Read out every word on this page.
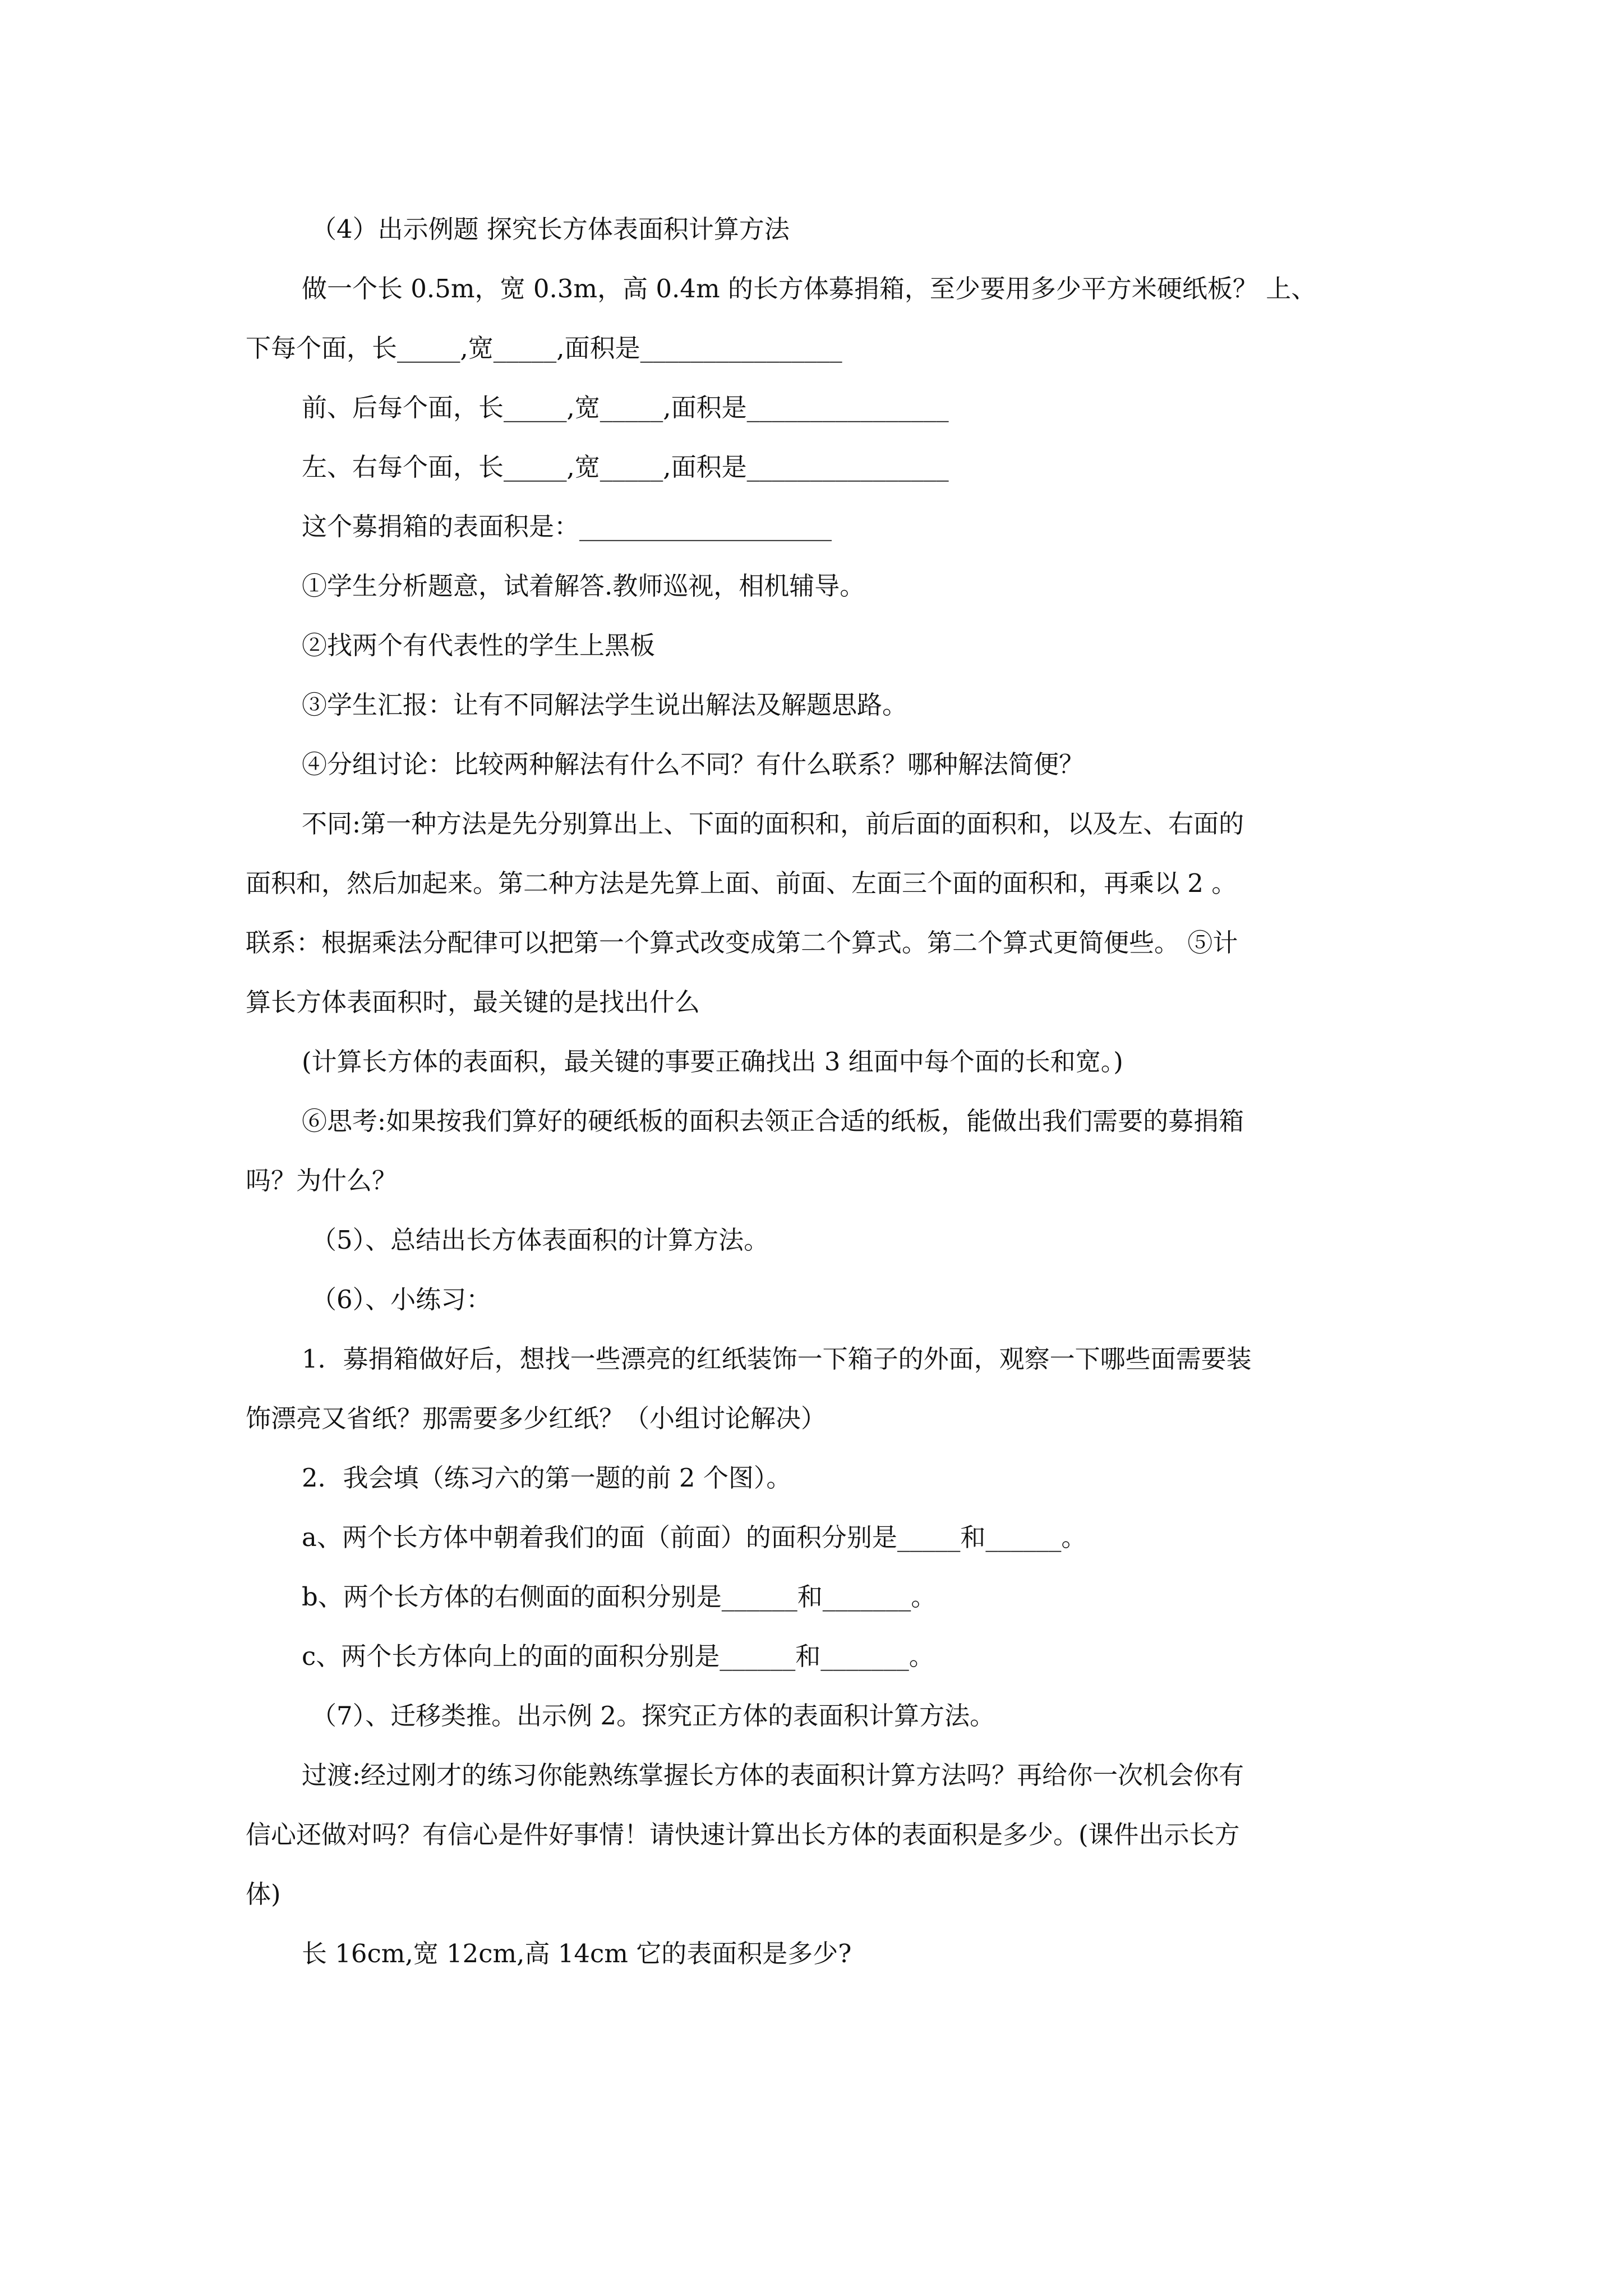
（4）出示例题 探究长方体表面积计算方法
做一个长 0.5m，宽 0.3m，高 0.4m 的长方体募捐箱，至少要用多少平方米硬纸板？ 上、
下每个面，长_____,宽_____,面积是________________
前、后每个面，长_____,宽_____,面积是________________
左、右每个面，长_____,宽_____,面积是________________
这个募捐箱的表面积是：____________________
①学生分析题意，试着解答.教师巡视，相机辅导。
②找两个有代表性的学生上黑板
③学生汇报：让有不同解法学生说出解法及解题思路。
④分组讨论：比较两种解法有什么不同？有什么联系？哪种解法简便？
不同:第一种方法是先分别算出上、下面的面积和，前后面的面积和，以及左、右面的
面积和，然后加起来。第二种方法是先算上面、前面、左面三个面的面积和，再乘以 2 。
联系：根据乘法分配律可以把第一个算式改变成第二个算式。第二个算式更简便些。 ⑤计
算长方体表面积时，最关键的是找出什么
(计算长方体的表面积，最关键的事要正确找出 3 组面中每个面的长和宽。)
⑥思考:如果按我们算好的硬纸板的面积去领正合适的纸板，能做出我们需要的募捐箱
吗？为什么？
（5）、总结出长方体表面积的计算方法。
（6）、小练习：
1．募捐箱做好后，想找一些漂亮的红纸装饰一下箱子的外面，观察一下哪些面需要装
饰漂亮又省纸？那需要多少红纸？（小组讨论解决）
2．我会填（练习六的第一题的前 2 个图）。
a、两个长方体中朝着我们的面（前面）的面积分别是_____和______。
b、两个长方体的右侧面的面积分别是______和_______。
c、两个长方体向上的面的面积分别是______和_______。
（7）、迁移类推。出示例 2。探究正方体的表面积计算方法。
过渡:经过刚才的练习你能熟练掌握长方体的表面积计算方法吗？再给你一次机会你有
信心还做对吗？有信心是件好事情！请快速计算出长方体的表面积是多少。(课件出示长方
体)
长 16cm,宽 12cm,高 14cm 它的表面积是多少?
